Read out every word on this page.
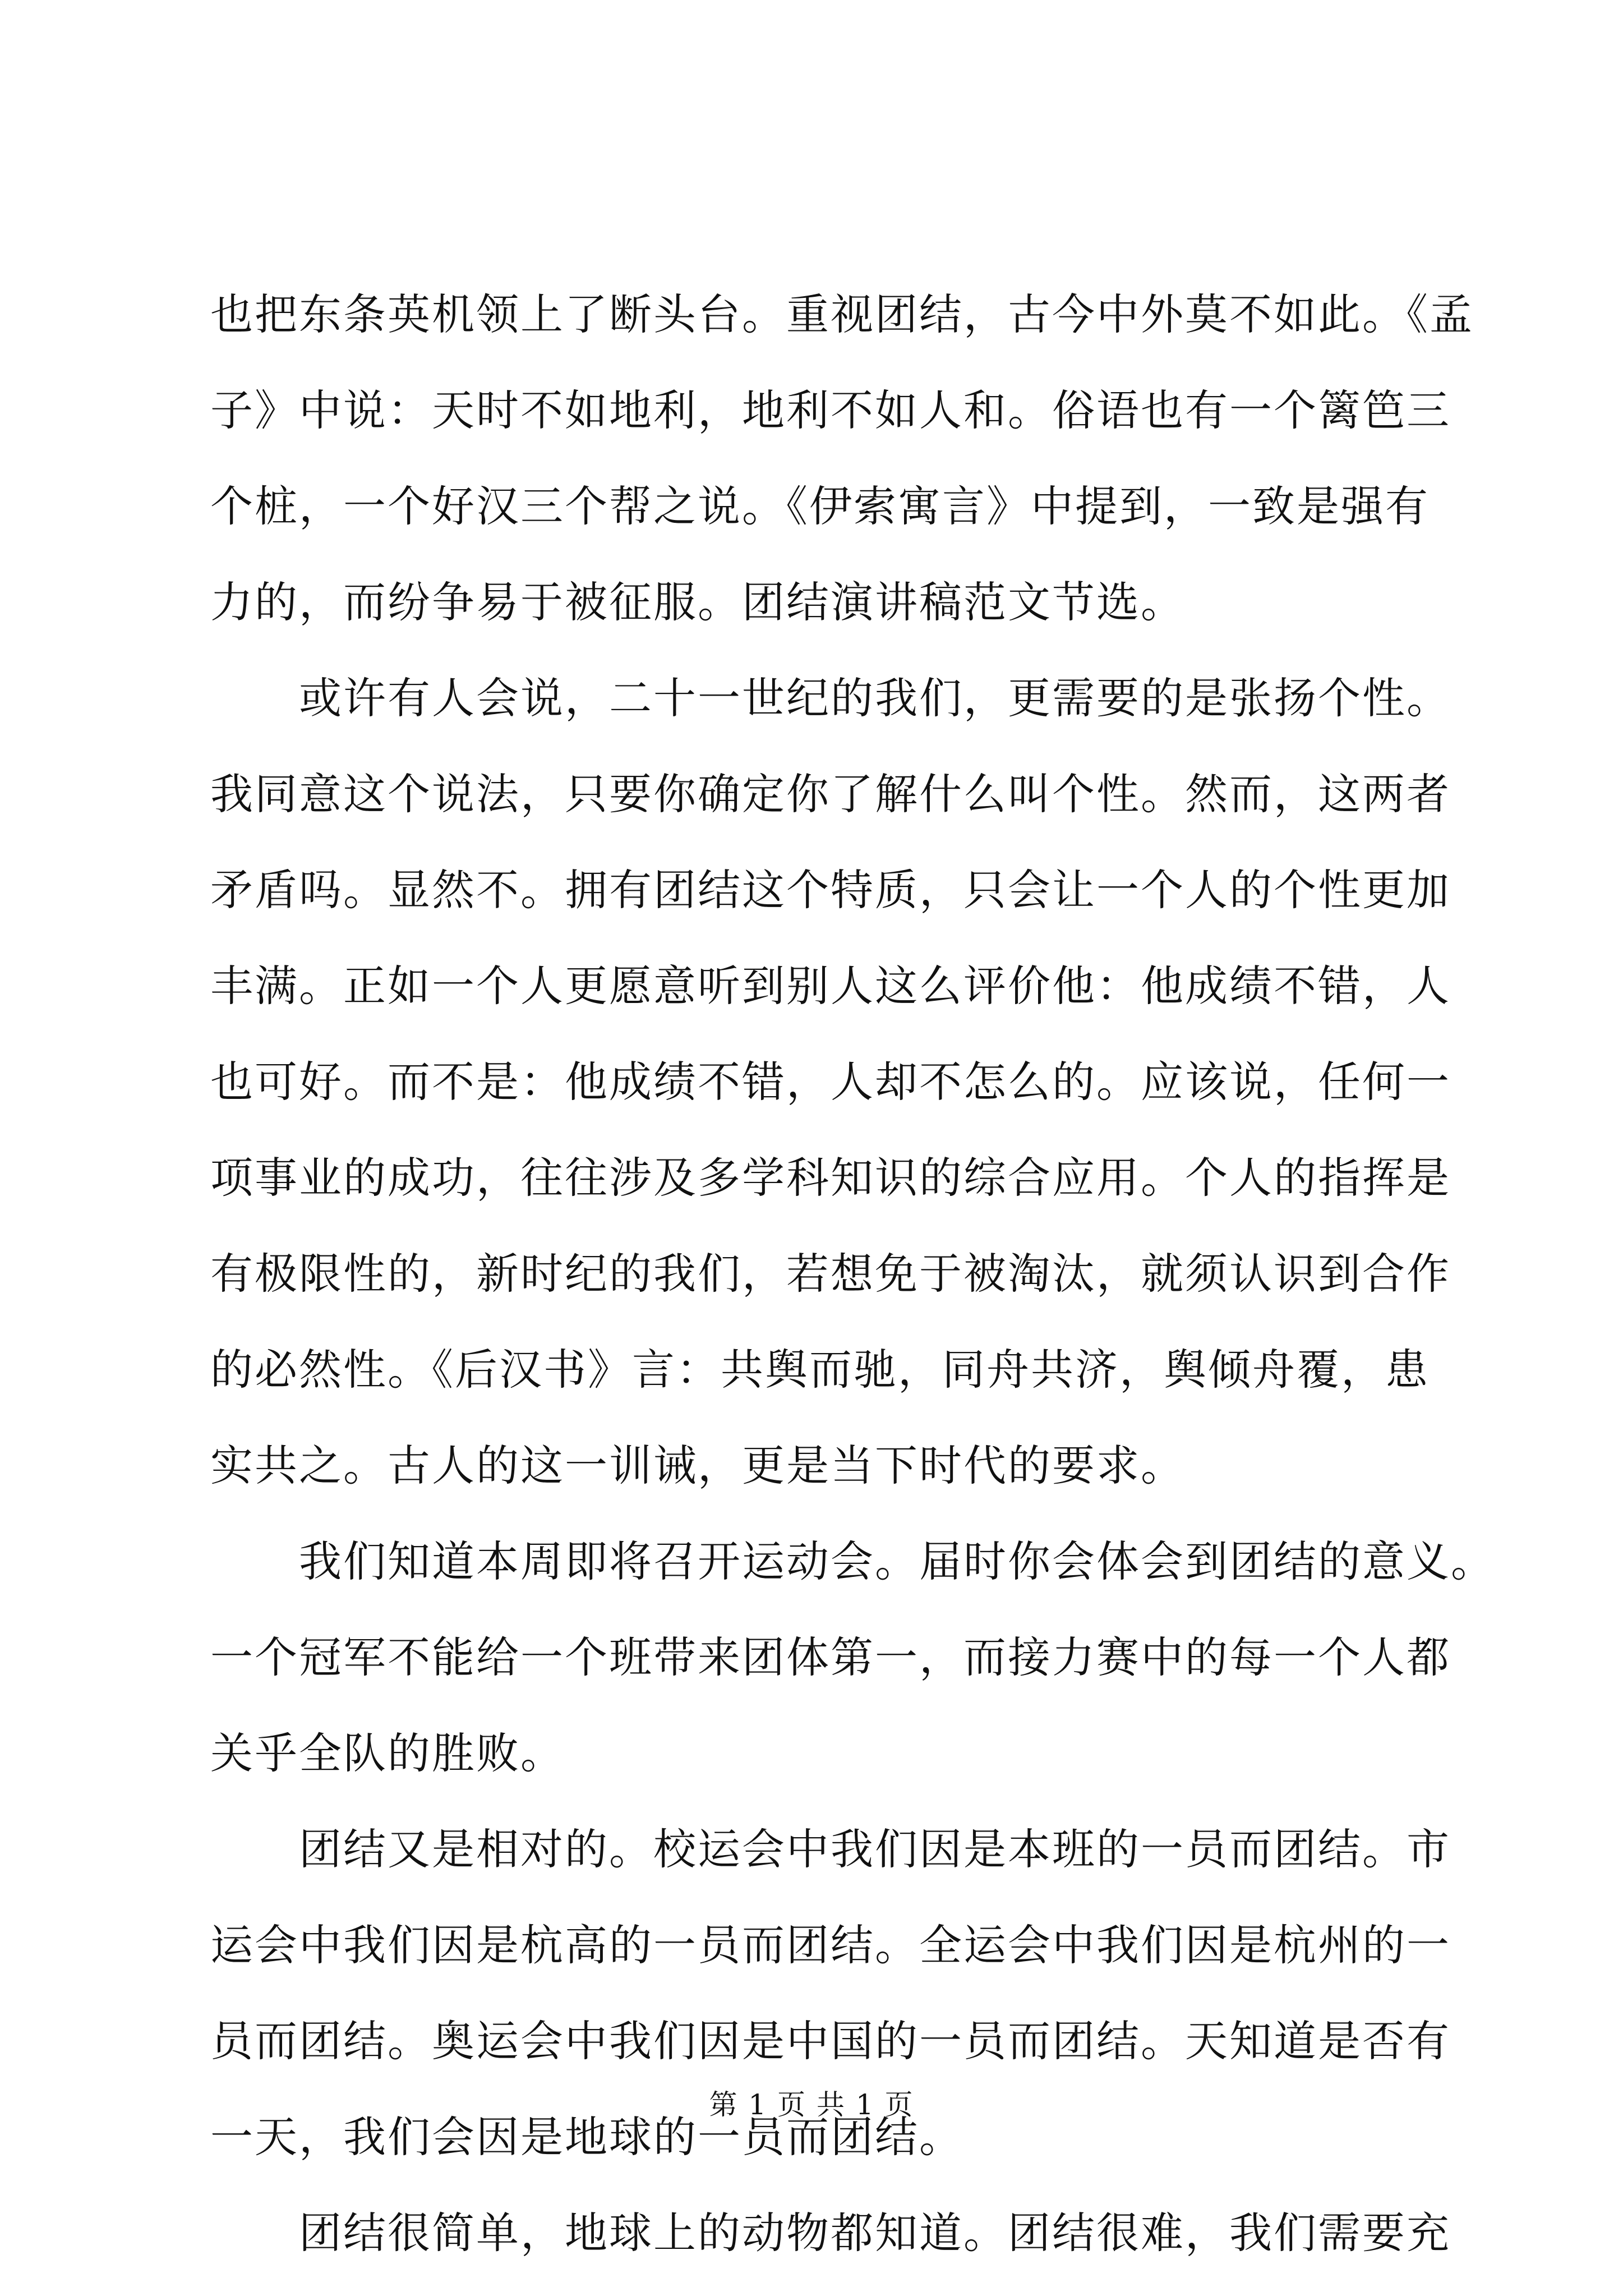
也把东条英机领上了断头台。重视团结，古今中外莫不如此。《孟
子》中说：天时不如地利，地利不如人和。俗语也有一个篱笆三
个桩，一个好汉三个帮之说。《伊索寓言》中提到，一致是强有
力的，而纷争易于被征服。团结演讲稿范文节选。
或许有人会说，二十一世纪的我们，更需要的是张扬个性。
我同意这个说法，只要你确定你了解什么叫个性。然而，这两者
矛盾吗。显然不。拥有团结这个特质，只会让一个人的个性更加
丰满。正如一个人更愿意听到别人这么评价他：他成绩不错，人
也可好。而不是：他成绩不错，人却不怎么的。应该说，任何一
项事业的成功，往往涉及多学科知识的综合应用。个人的指挥是
有极限性的，新时纪的我们，若想免于被淘汰，就须认识到合作
的必然性。《后汉书》言：共舆而驰，同舟共济，舆倾舟覆，患
实共之。古人的这一训诫，更是当下时代的要求。
我们知道本周即将召开运动会。届时你会体会到团结的意义。
一个冠军不能给一个班带来团体第一，而接力赛中的每一个人都
关乎全队的胜败。
团结又是相对的。校运会中我们因是本班的一员而团结。市
运会中我们因是杭高的一员而团结。全运会中我们因是杭州的一
员而团结。奥运会中我们因是中国的一员而团结。天知道是否有
一天，我们会因是地球的一员而团结。
团结很简单，地球上的动物都知道。团结很难，我们需要充
第 1 页 共 1 页
